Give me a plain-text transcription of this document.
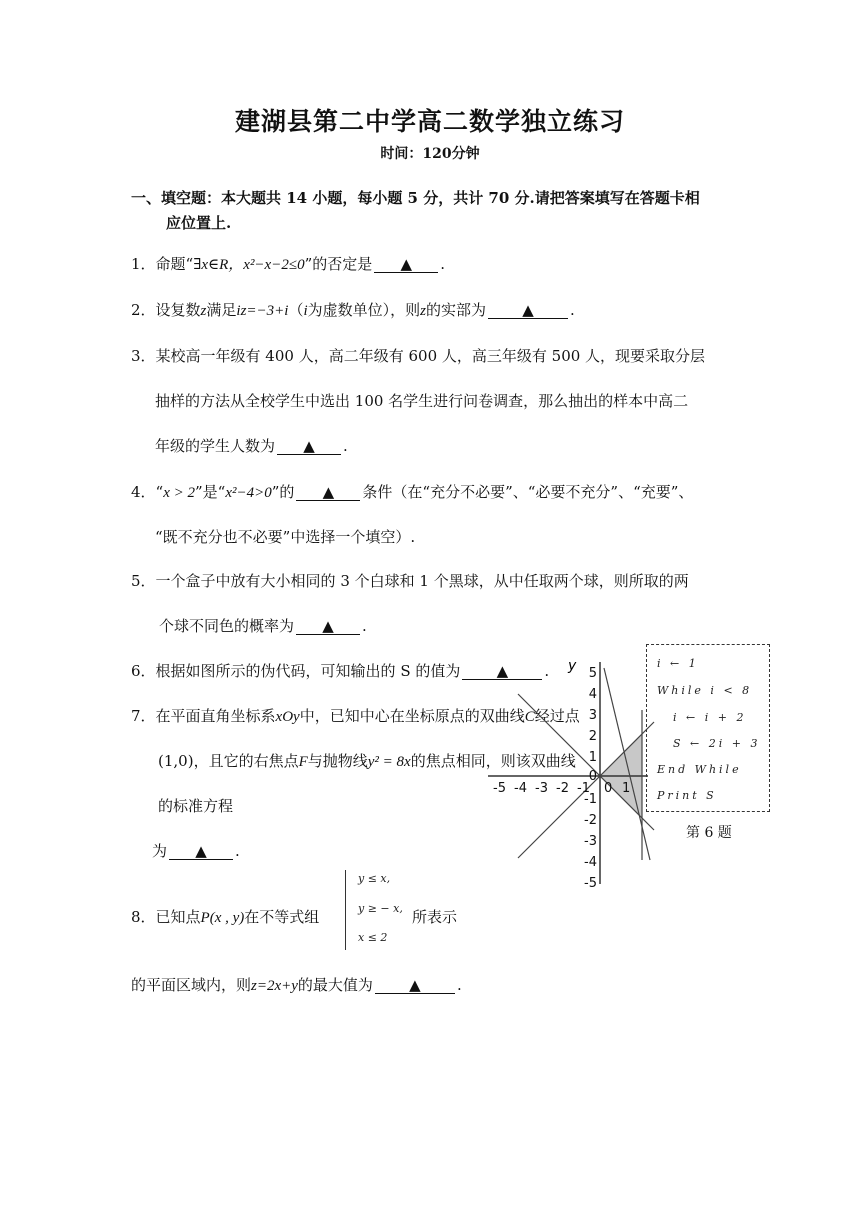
建湖县第二中学高二数学独立练习
时间：120分钟
一、填空题：本大题共 14 小题，每小题 5 分，共计 70 分.请把答案填写在答题卡相
应位置上.
1．命题“∃x∈R，x²−x−2≤0”的否定是 ▲ .
2．设复数z满足iz=−3+i（i为虚数单位），则z的实部为 ▲ .
3．某校高一年级有 400 人，高二年级有 600 人，高三年级有 500 人，现要采取分层
抽样的方法从全校学生中选出 100 名学生进行问卷调查，那么抽出的样本中高二
年级的学生人数为 ▲ .
4．“x > 2”是“x²−4>0”的 ▲ 条件（在“充分不必要”、“必要不充分”、“充要”、
“既不充分也不必要”中选择一个填空）.
5．一个盒子中放有大小相同的 3 个白球和 1 个黑球，从中任取两个球，则所取的两
个球不同色的概率为 ▲ .
6．根据如图所示的伪代码，可知输出的 S 的值为 ▲ .
7．在平面直角坐标系xOy中，已知中心在坐标原点的双曲线C经过点
(1,0)，且它的右焦点F与抛物线y² = 8x的焦点相同，则该双曲线
的标准方程
为 ▲ .
8．已知点P(x , y)在不等式组
y ≤ x,
y ≥ − x,
x ≤ 2
所表示
的平面区域内，则z=2x+y的最大值为 ▲ .
y
-5 -4 -3 -2 -1 0 1
5
4
3
2
1
0
-1
-2
-3
-4
-5
i ← 1
While i < 8
i ← i + 2
S ← 2i + 3
End While
Print S
第 6 题
